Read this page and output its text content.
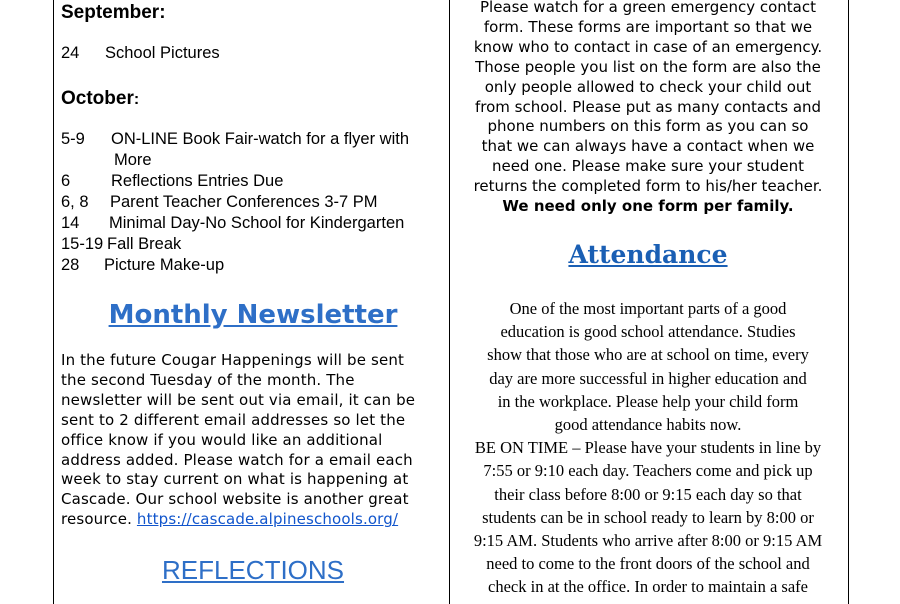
September:
24 School Pictures
October:
5-9 ON-LINE Book Fair-watch for a flyer with
More
6 Reflections Entries Due
6, 8 Parent Teacher Conferences 3-7 PM
14 Minimal Day-No School for Kindergarten
15-19 Fall Break
28 Picture Make-up
Monthly Newsletter
In the future Cougar Happenings will be sent
the second Tuesday of the month. The
newsletter will be sent out via email, it can be
sent to 2 different email addresses so let the
office know if you would like an additional
address added. Please watch for a email each
week to stay current on what is happening at
Cascade. Our school website is another great
resource. https://cascade.alpineschools.org/
REFLECTIONS
Please watch for a green emergency contact
form. These forms are important so that we
know who to contact in case of an emergency.
Those people you list on the form are also the
only people allowed to check your child out
from school. Please put as many contacts and
phone numbers on this form as you can so
that we can always have a contact when we
need one. Please make sure your student
returns the completed form to his/her teacher.
We need only one form per family.
Attendance
One of the most important parts of a good
education is good school attendance. Studies
show that those who are at school on time, every
day are more successful in higher education and
in the workplace. Please help your child form
good attendance habits now.
BE ON TIME – Please have your students in line by
7:55 or 9:10 each day. Teachers come and pick up
their class before 8:00 or 9:15 each day so that
students can be in school ready to learn by 8:00 or
9:15 AM. Students who arrive after 8:00 or 9:15 AM
need to come to the front doors of the school and
check in at the office. In order to maintain a safe
